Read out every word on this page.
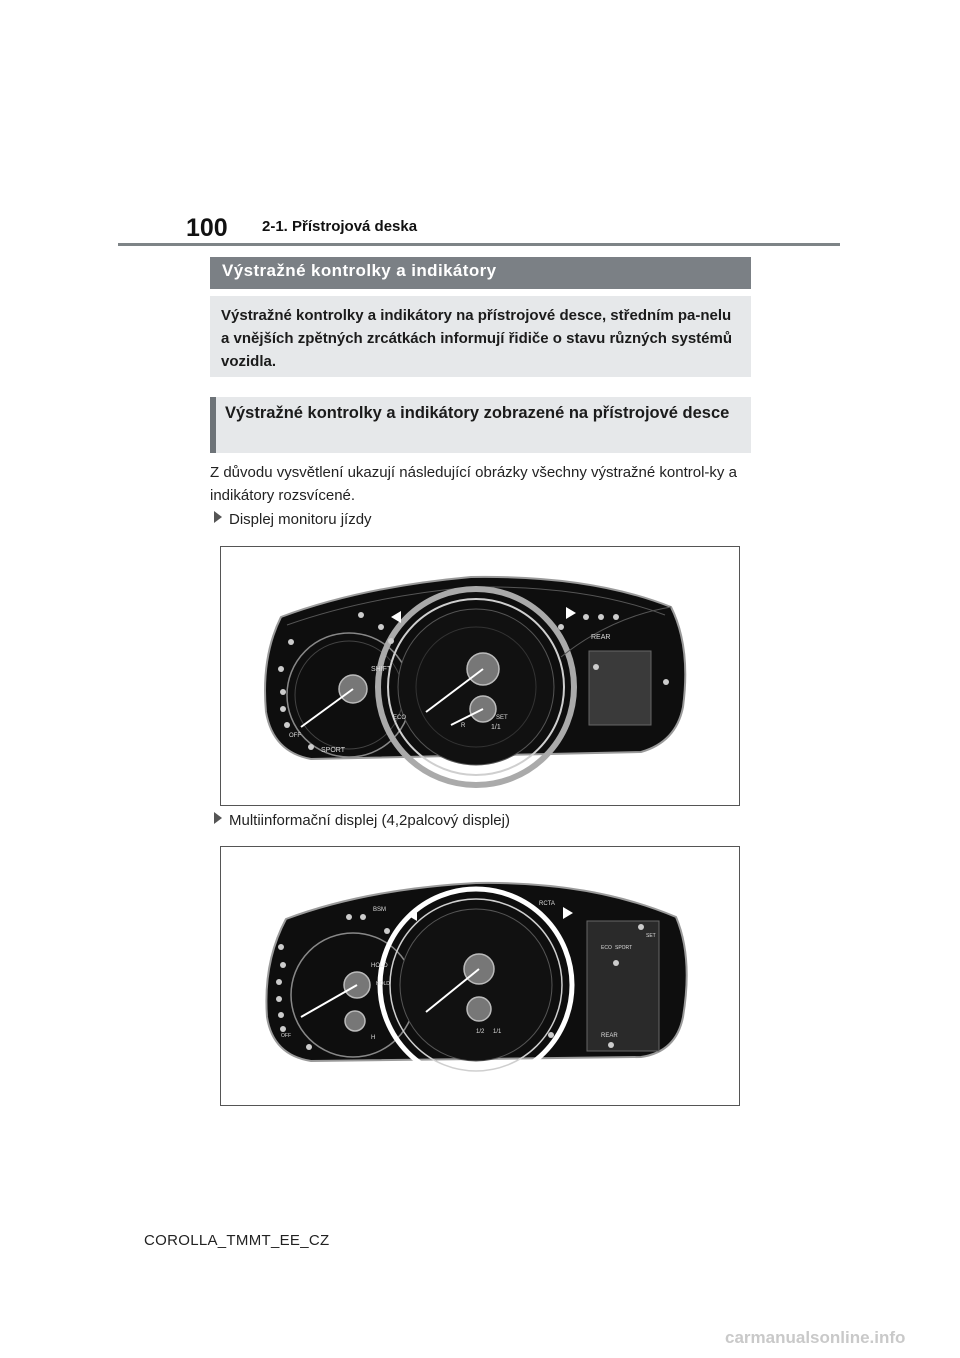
100 2-1. Přístrojová deska
Výstražné kontrolky a indikátory
Výstražné kontrolky a indikátory na přístrojové desce, středním pa-nelu a vnějších zpětných zrcátkách informují řidiče o stavu různých systémů vozidla.
Výstražné kontrolky a indikátory zobrazené na přístrojové desce
Z důvodu vysvětlení ukazují následující obrázky všechny výstražné kontrol-ky a indikátory rozsvícené.
Displej monitoru jízdy
REAR
SHIFT
SPORT
OFF
ECO	SET
1/1
R
Multiinformační displej (4,2palcový displej)
BSM
RCTA
HOLD
HOLD
REAR
SET
ECO SPORT
1/2 1/1
H
OFF
COROLLA_TMMT_EE_CZ
carmanualsonline.info
